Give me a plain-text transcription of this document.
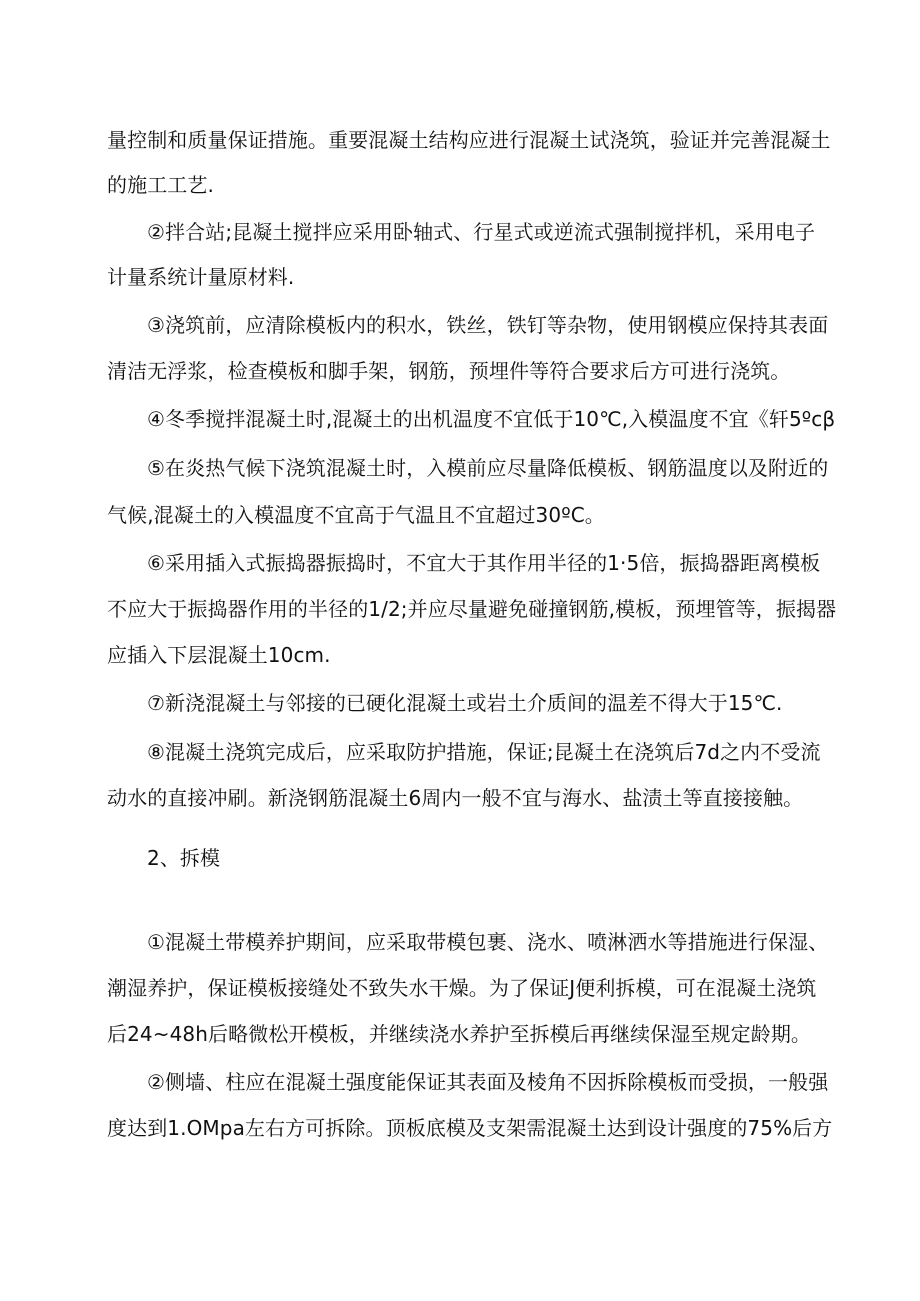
量控制和质量保证措施。重要混凝土结构应进行混凝土试浇筑，验证并完善混凝土
的施工工艺.
②拌合站;昆凝土搅拌应采用卧轴式、行星式或逆流式强制搅拌机，采用电子
计量系统计量原材料.
③浇筑前，应清除模板内的积水，铁丝，铁钉等杂物，使用钢模应保持其表面
清洁无浮浆，检查模板和脚手架，钢筋，预埋件等符合要求后方可进行浇筑。
④冬季搅拌混凝土时,混凝土的出机温度不宜低于10℃,入模温度不宜《轩5ºcβ
⑤在炎热气候下浇筑混凝土时，入模前应尽量降低模板、钢筋温度以及附近的
气候,混凝土的入模温度不宜高于气温且不宜超过30ºC。
⑥采用插入式振捣器振捣时，不宜大于其作用半径的1·5倍，振捣器距离模板
不应大于振捣器作用的半径的1/2;并应尽量避免碰撞钢筋,模板，预埋管等，振揭器
应插入下层混凝土10cm.
⑦新浇混凝土与邻接的已硬化混凝土或岩土介质间的温差不得大于15℃.
⑧混凝土浇筑完成后，应采取防护措施，保证;昆凝土在浇筑后7d之内不受流
动水的直接冲刷。新浇钢筋混凝土6周内一般不宜与海水、盐渍土等直接接触。
2、拆模
①混凝土带模养护期间，应采取带模包裹、浇水、喷淋洒水等措施进行保湿、
潮湿养护，保证模板接缝处不致失水干燥。为了保证J便利拆模，可在混凝土浇筑
后24~48h后略微松开模板，并继续浇水养护至拆模后再继续保湿至规定龄期。
②侧墙、柱应在混凝土强度能保证其表面及棱角不因拆除模板而受损，一般强
度达到1.OMpa左右方可拆除。顶板底模及支架需混凝土达到设计强度的75%后方
